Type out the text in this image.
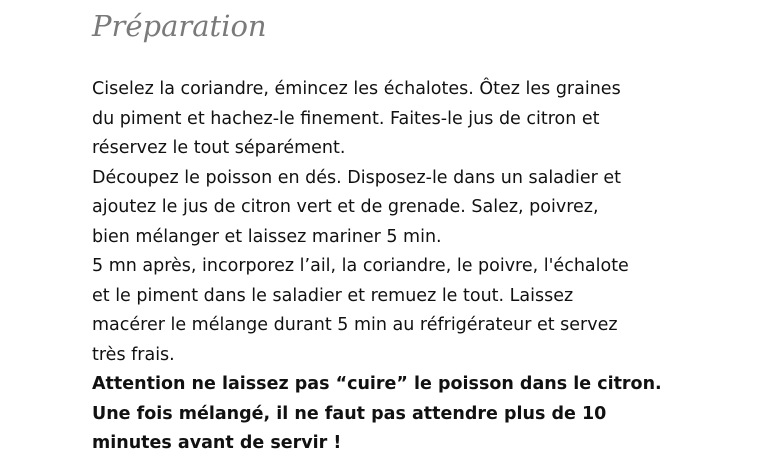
Préparation
Ciselez la coriandre, émincez les échalotes. Ôtez les graines
du piment et hachez-le finement. Faites-le jus de citron et
réservez le tout séparément.
Découpez le poisson en dés. Disposez-le dans un saladier et
ajoutez le jus de citron vert et de grenade. Salez, poivrez,
bien mélanger et laissez mariner 5 min.
5 mn après, incorporez l’ail, la coriandre, le poivre, l'échalote
et le piment dans le saladier et remuez le tout. Laissez
macérer le mélange durant 5 min au réfrigérateur et servez
très frais.
Attention ne laissez pas “cuire” le poisson dans le citron.
Une fois mélangé, il ne faut pas attendre plus de 10
minutes avant de servir !
